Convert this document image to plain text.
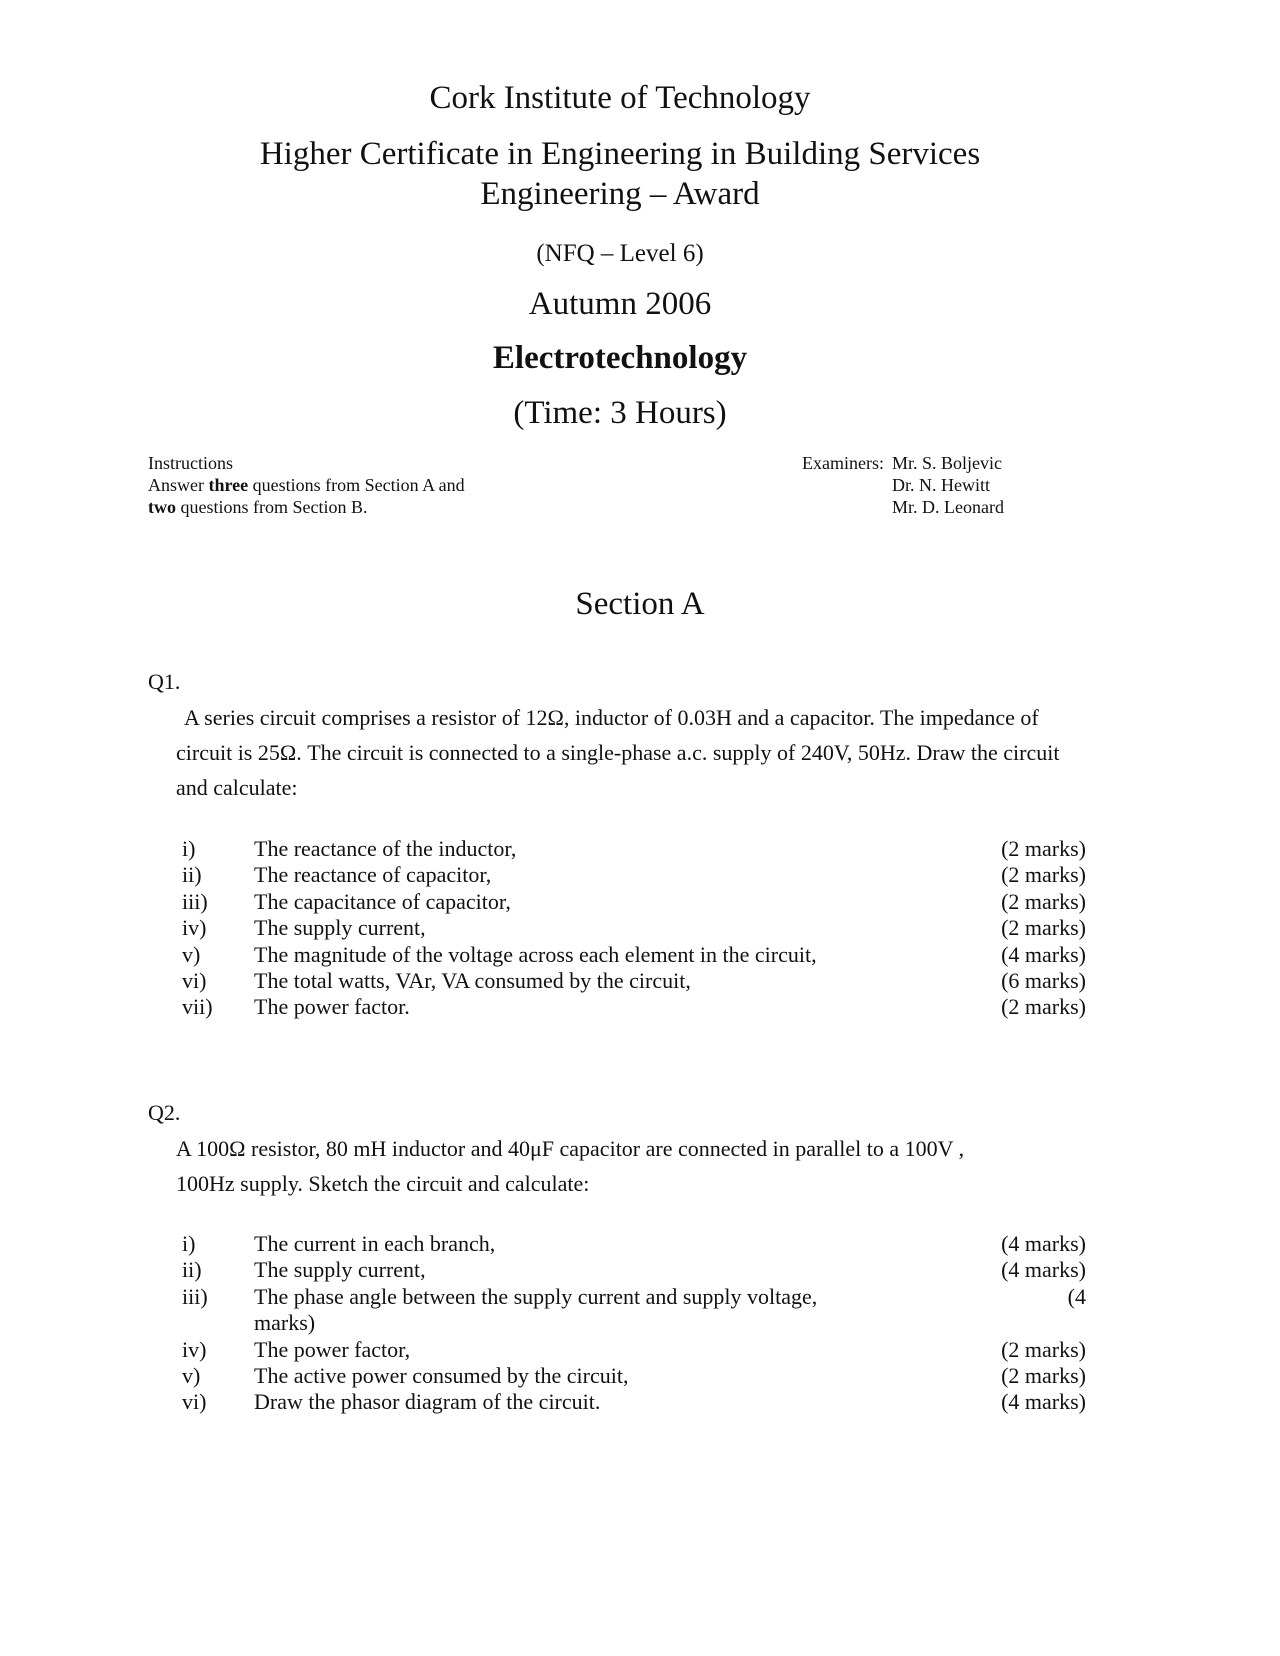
Cork Institute of Technology
Higher Certificate in Engineering in Building Services
Engineering – Award
(NFQ – Level 6)
Autumn 2006
Electrotechnology
(Time: 3 Hours)
Instructions
Answer three questions from Section A and
two questions from Section B.
Examiners: Mr. S. Boljevic
Dr. N. Hewitt
Mr. D. Leonard
Section A
Q1.
A series circuit comprises a resistor of 12Ω, inductor of 0.03H and a capacitor. The impedance of circuit is 25Ω. The circuit is connected to a single-phase a.c. supply of 240V, 50Hz. Draw the circuit and calculate:
i)	The reactance of the inductor,	(2 marks)
ii)	The reactance of capacitor,	(2 marks)
iii)	The capacitance of capacitor,	(2 marks)
iv)	The supply current,	(2 marks)
v)	The magnitude of the voltage across each element in the circuit,	(4 marks)
vi)	The total watts, VAr, VA consumed by the circuit,	(6 marks)
vii)	The power factor.	(2 marks)
Q2.
A 100Ω resistor, 80 mH inductor and 40μF capacitor are connected in parallel to a 100V ,
100Hz supply. Sketch the circuit and calculate:
i)	The current in each branch,	(4 marks)
ii)	The supply current,	(4 marks)
iii)	The phase angle between the supply current and supply voltage,	(4
marks)
iv)	The power factor,	(2 marks)
v)	The active power consumed by the circuit,	(2 marks)
vi)	Draw the phasor diagram of the circuit.	(4 marks)
